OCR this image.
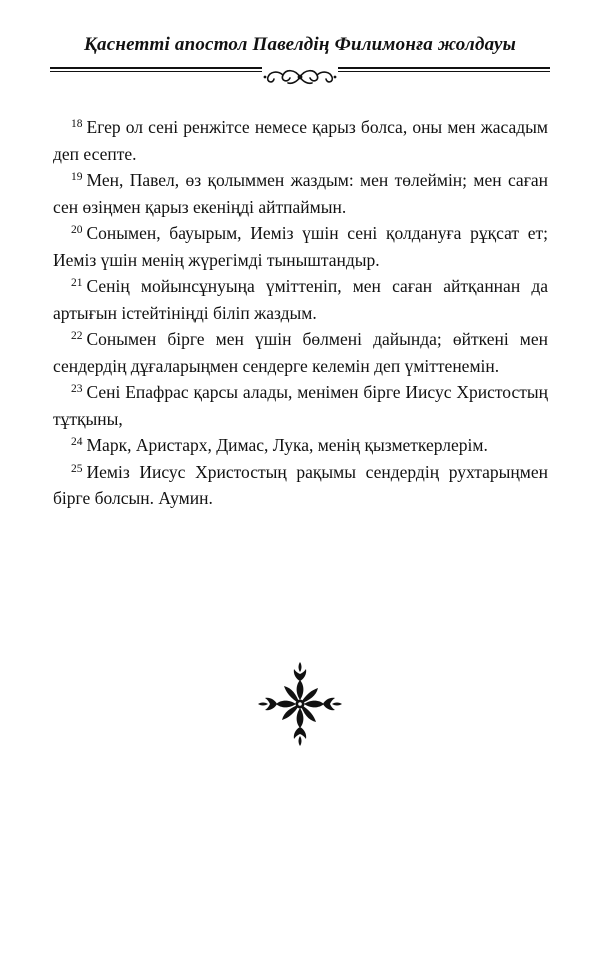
Қаснетті апостол Павелдің Филимонға жолдауы

$^{18}$ Егер ол сені ренжітсе немесе қарыз болса, оны мен жасадым деп есепте.

$^{19}$ Мен, Павел, өз қолыммен жаздым: мен төлеймін; мен саған сен өзіңмен қарыз екеніңді айтпаймын.

$^{20}$ Сонымен, бауырым, Иеміз үшін сені қолдануға рұқсат ет; Иеміз үшін менің жүрегімді тыныштандыр.

$^{21}$ Сенің мойынсұнуыңа үміттеніп, мен саған айтқаннан да артығын істейтініңді біліп жаздым.

$^{22}$ Сонымен бірге мен үшін бөлмені дайында; өйткені мен сендердің дұғаларыңмен сендерге келемін деп үміттенемін.

$^{23}$ Сені Епафрас қарсы алады, менімен бірге Иисус Христостың тұтқыны,

$^{24}$ Марк, Аристарх, Димас, Лука, менің қызметкерлерім.

$^{25}$ Иеміз Иисус Христостың рақымы сендердің рухтарыңмен бірге болсын. Аумин.
